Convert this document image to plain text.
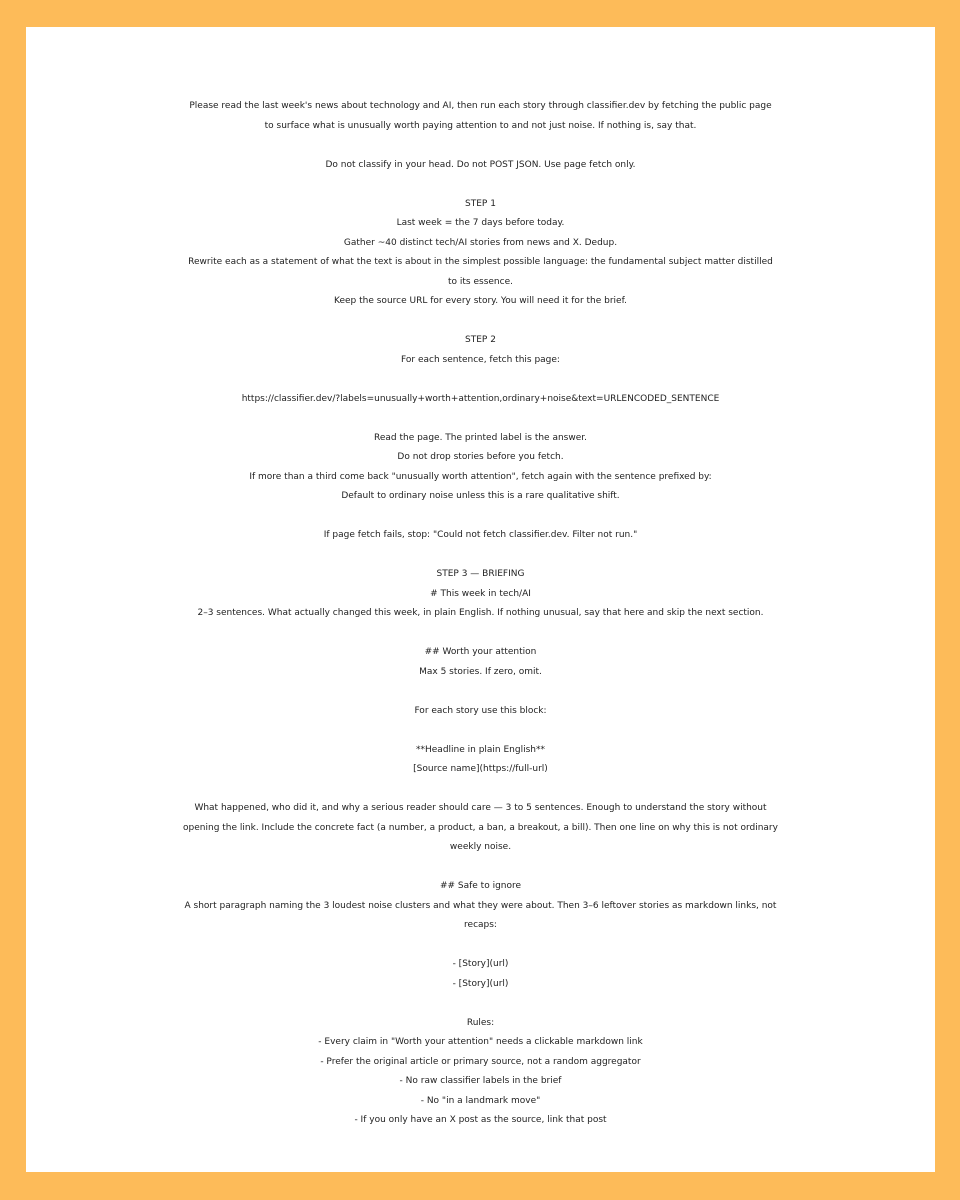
Please read the last week's news about technology and AI, then run each story through classifier.dev by fetching the public page
to surface what is unusually worth paying attention to and not just noise. If nothing is, say that.
Do not classify in your head. Do not POST JSON. Use page fetch only.
STEP 1
Last week = the 7 days before today.
Gather ~40 distinct tech/AI stories from news and X. Dedup.
Rewrite each as a statement of what the text is about in the simplest possible language: the fundamental subject matter distilled
to its essence.
Keep the source URL for every story. You will need it for the brief.
STEP 2
For each sentence, fetch this page:
https://classifier.dev/?labels=unusually+worth+attention,ordinary+noise&text=URLENCODED_SENTENCE
Read the page. The printed label is the answer.
Do not drop stories before you fetch.
If more than a third come back "unusually worth attention", fetch again with the sentence prefixed by:
Default to ordinary noise unless this is a rare qualitative shift.
If page fetch fails, stop: "Could not fetch classifier.dev. Filter not run."
STEP 3 — BRIEFING
# This week in tech/AI
2–3 sentences. What actually changed this week, in plain English. If nothing unusual, say that here and skip the next section.
## Worth your attention
Max 5 stories. If zero, omit.
For each story use this block:
**Headline in plain English**
[Source name](https://full-url)
What happened, who did it, and why a serious reader should care — 3 to 5 sentences. Enough to understand the story without
opening the link. Include the concrete fact (a number, a product, a ban, a breakout, a bill). Then one line on why this is not ordinary
weekly noise.
## Safe to ignore
A short paragraph naming the 3 loudest noise clusters and what they were about. Then 3–6 leftover stories as markdown links, not
recaps:
- [Story](url)
- [Story](url)
Rules:
- Every claim in "Worth your attention" needs a clickable markdown link
- Prefer the original article or primary source, not a random aggregator
- No raw classifier labels in the brief
- No "in a landmark move"
- If you only have an X post as the source, link that post
